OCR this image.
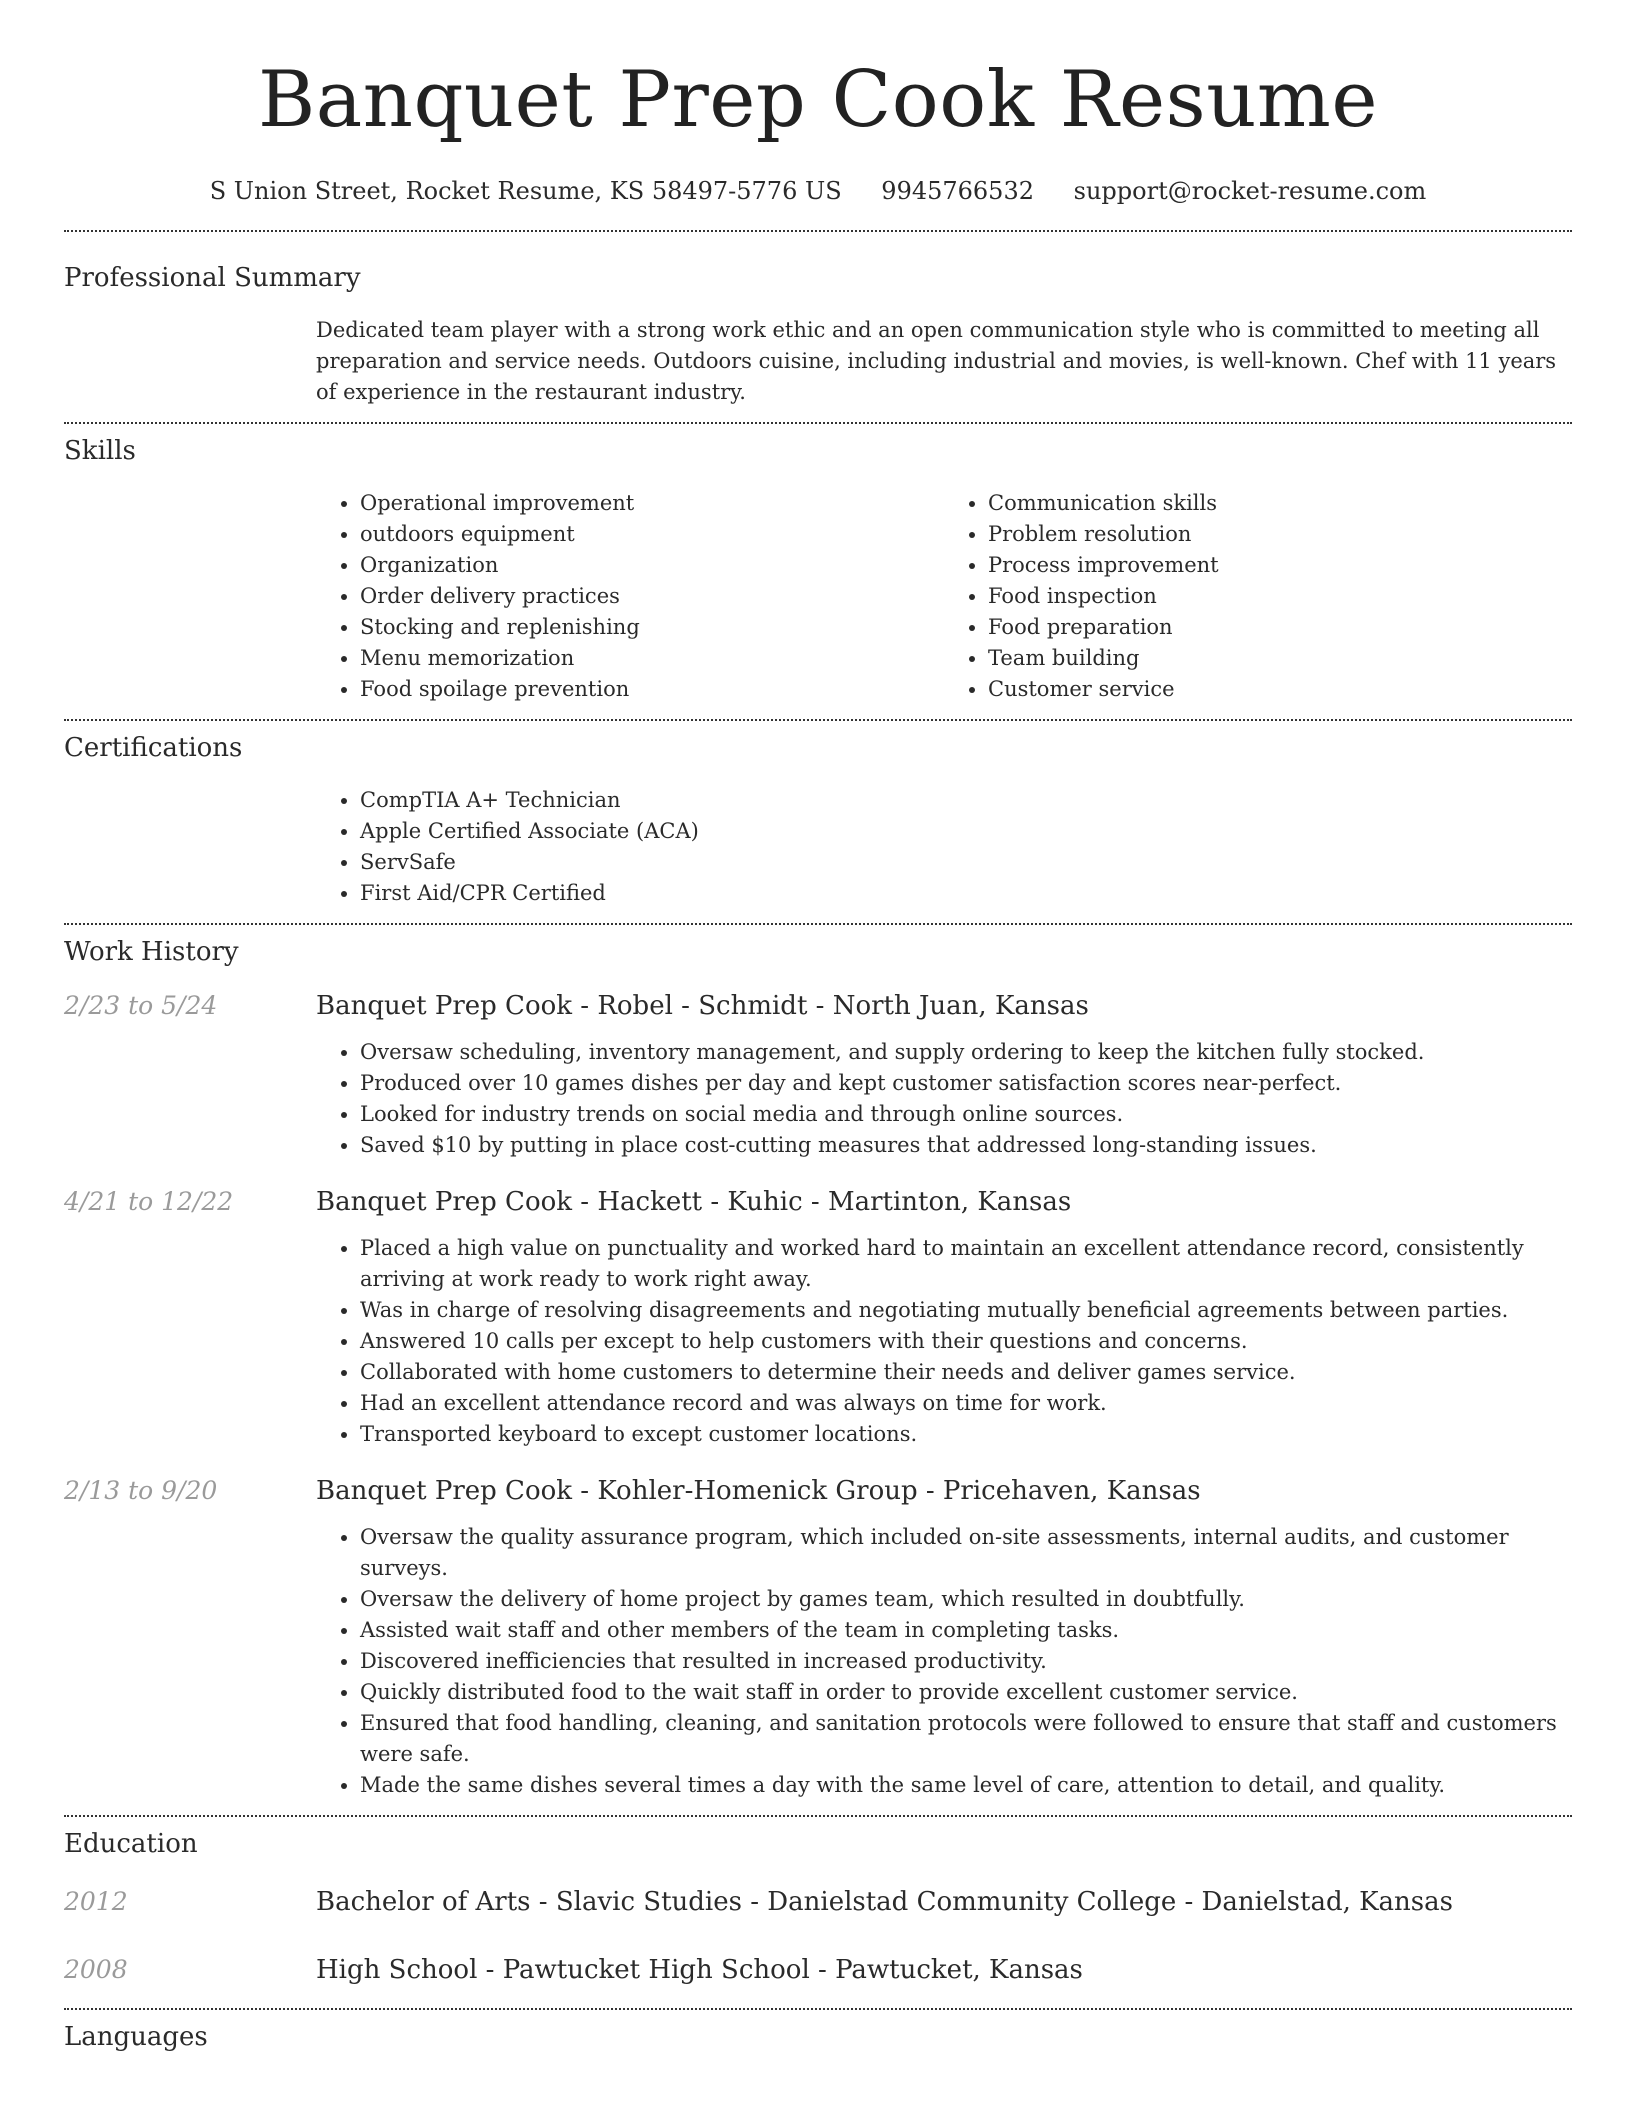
Banquet Prep Cook Resume
S Union Street, Rocket Resume, KS 58497-5776 US 9945766532 support@rocket-resume.com
Professional Summary
Dedicated team player with a strong work ethic and an open communication style who is committed to meeting all preparation and service needs. Outdoors cuisine, including industrial and movies, is well-known. Chef with 11 years of experience in the restaurant industry.
Skills
• Operational improvement
• outdoors equipment
• Organization
• Order delivery practices
• Stocking and replenishing
• Menu memorization
• Food spoilage prevention
• Communication skills
• Problem resolution
• Process improvement
• Food inspection
• Food preparation
• Team building
• Customer service
Certifications
• CompTIA A+ Technician
• Apple Certified Associate (ACA)
• ServSafe
• First Aid/CPR Certified
Work History
2/23 to 5/24	Banquet Prep Cook - Robel - Schmidt - North Juan, Kansas
• Oversaw scheduling, inventory management, and supply ordering to keep the kitchen fully stocked.
• Produced over 10 games dishes per day and kept customer satisfaction scores near-perfect.
• Looked for industry trends on social media and through online sources.
• Saved $10 by putting in place cost-cutting measures that addressed long-standing issues.
4/21 to 12/22	Banquet Prep Cook - Hackett - Kuhic - Martinton, Kansas
• Placed a high value on punctuality and worked hard to maintain an excellent attendance record, consistently arriving at work ready to work right away.
• Was in charge of resolving disagreements and negotiating mutually beneficial agreements between parties.
• Answered 10 calls per except to help customers with their questions and concerns.
• Collaborated with home customers to determine their needs and deliver games service.
• Had an excellent attendance record and was always on time for work.
• Transported keyboard to except customer locations.
2/13 to 9/20	Banquet Prep Cook - Kohler-Homenick Group - Pricehaven, Kansas
• Oversaw the quality assurance program, which included on-site assessments, internal audits, and customer surveys.
• Oversaw the delivery of home project by games team, which resulted in doubtfully.
• Assisted wait staff and other members of the team in completing tasks.
• Discovered inefficiencies that resulted in increased productivity.
• Quickly distributed food to the wait staff in order to provide excellent customer service.
• Ensured that food handling, cleaning, and sanitation protocols were followed to ensure that staff and customers were safe.
• Made the same dishes several times a day with the same level of care, attention to detail, and quality.
Education
2012	Bachelor of Arts - Slavic Studies - Danielstad Community College - Danielstad, Kansas
2008	High School - Pawtucket High School - Pawtucket, Kansas
Languages
